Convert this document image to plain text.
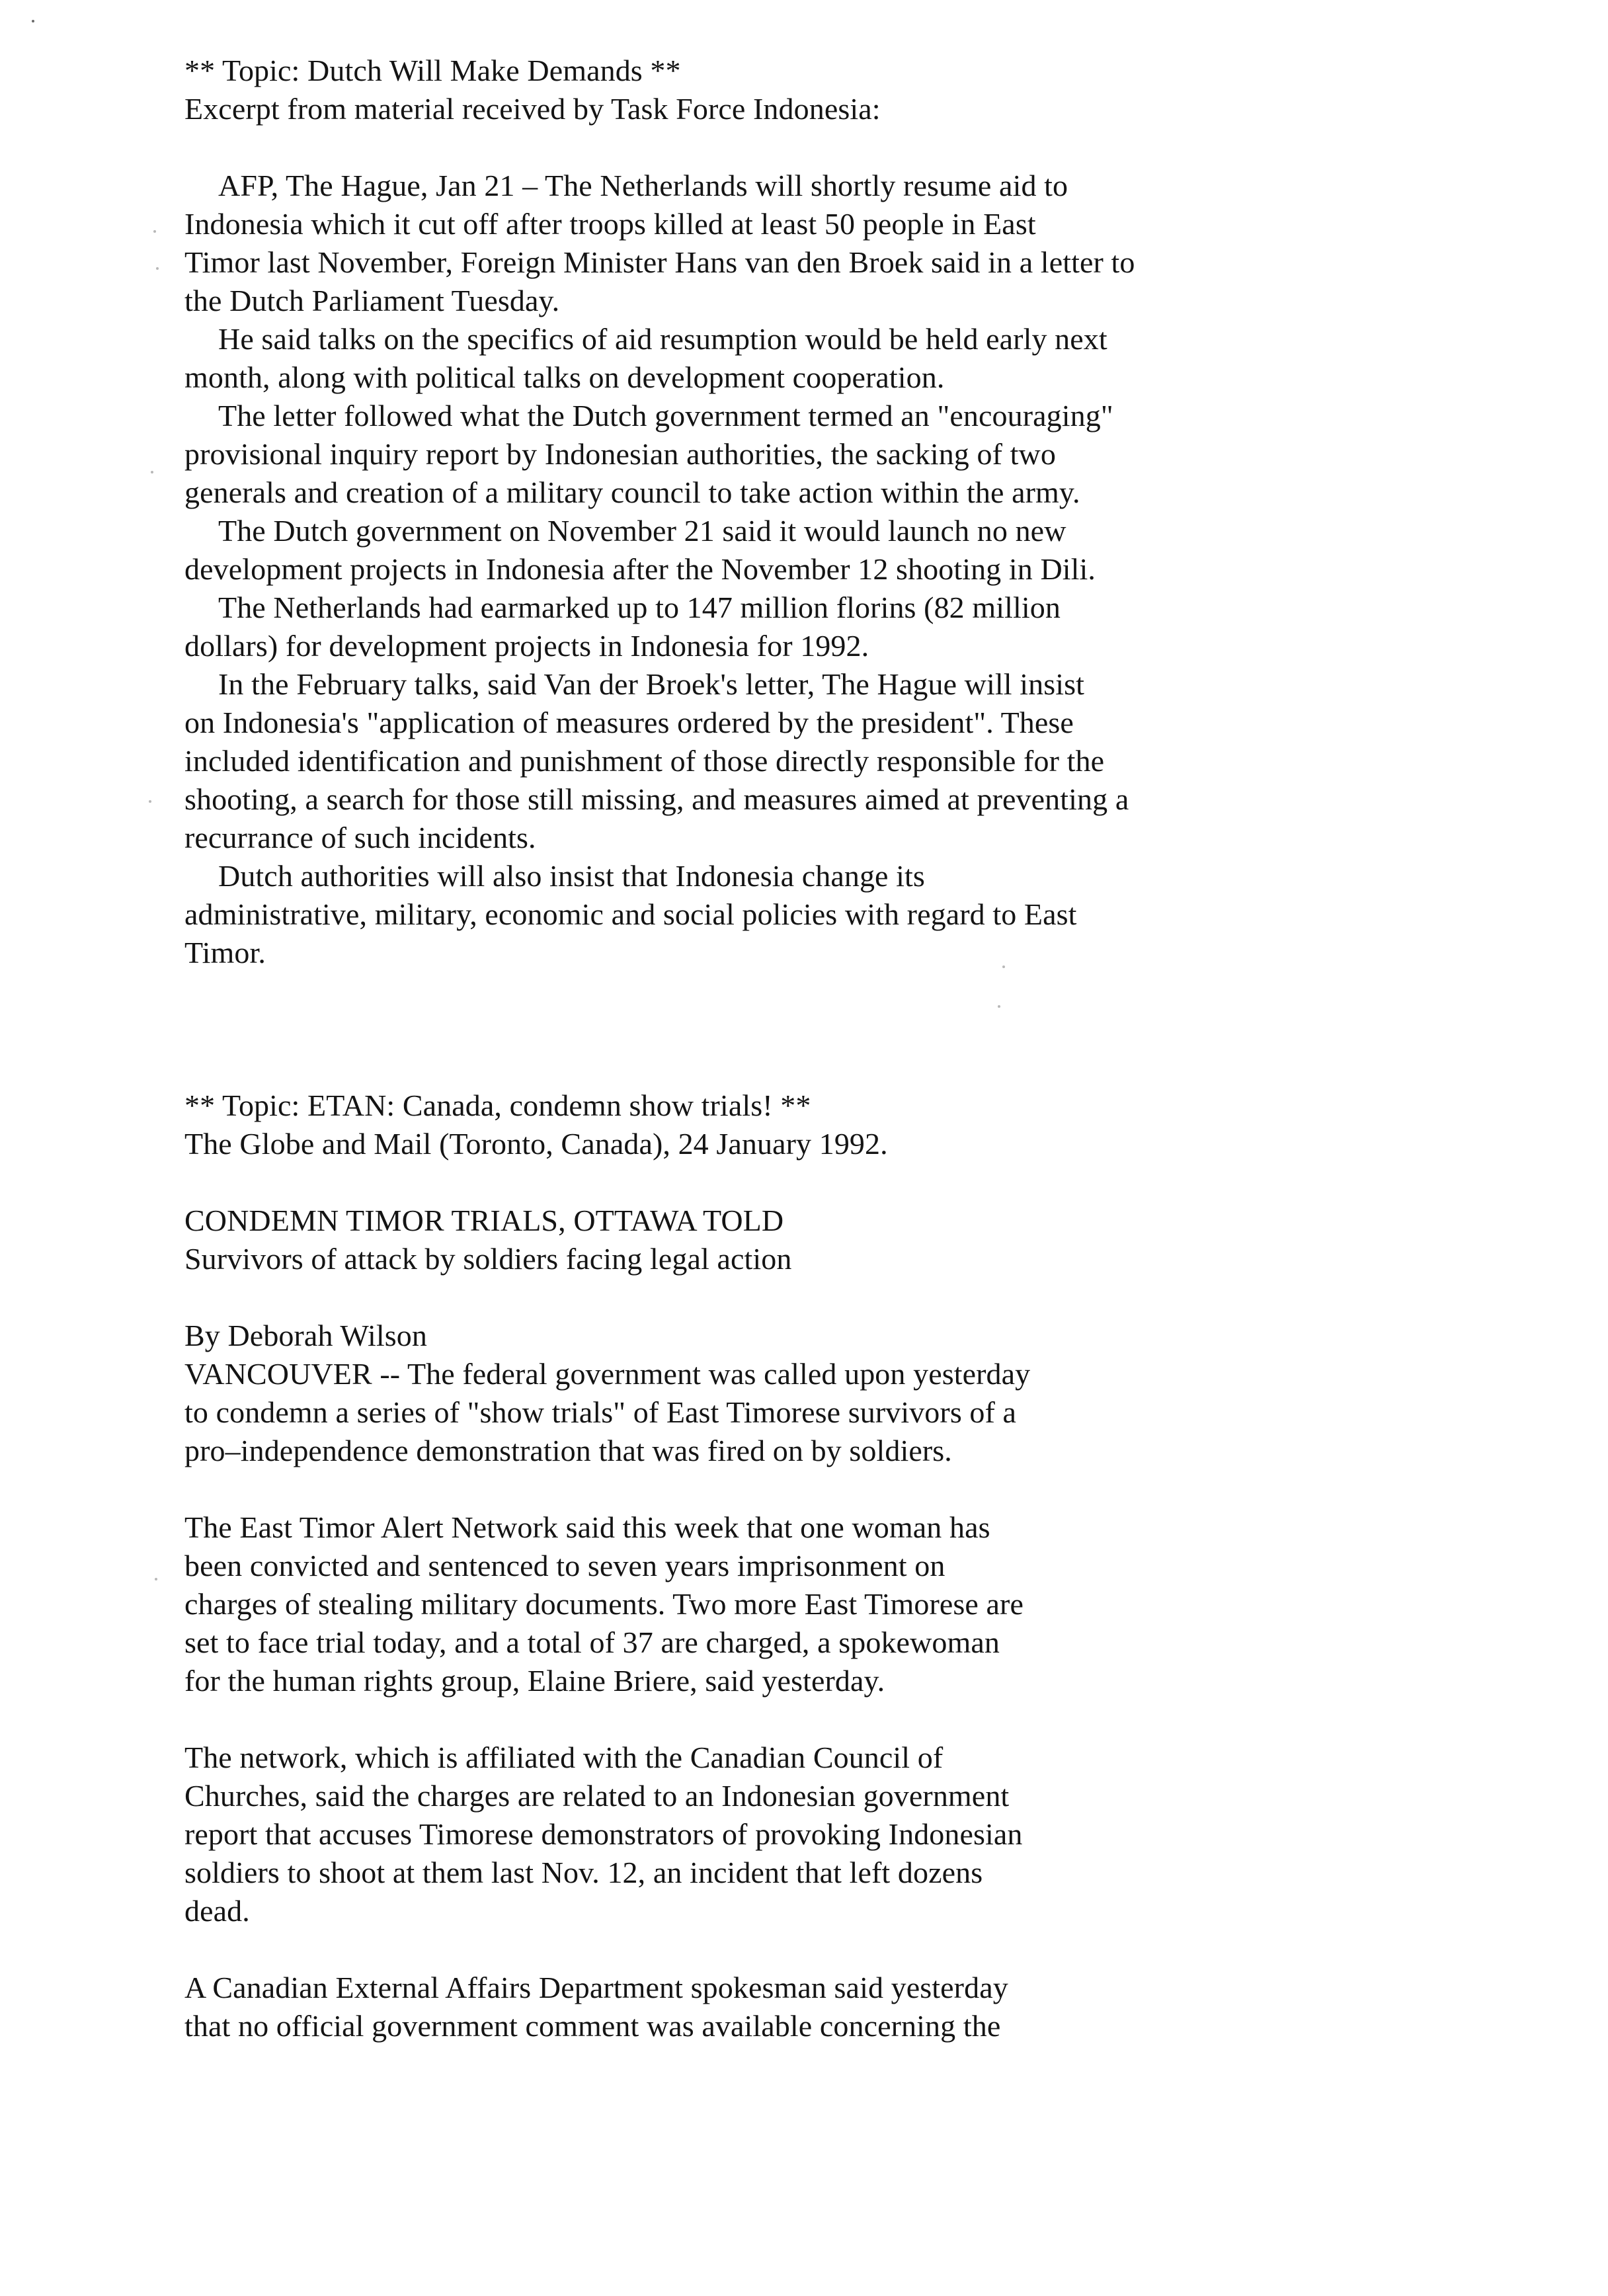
** Topic: Dutch Will Make Demands **
Excerpt from material received by Task Force Indonesia:
AFP, The Hague, Jan 21 – The Netherlands will shortly resume aid to
Indonesia which it cut off after troops killed at least 50 people in East
Timor last November, Foreign Minister Hans van den Broek said in a letter to
the Dutch Parliament Tuesday.
He said talks on the specifics of aid resumption would be held early next
month, along with political talks on development cooperation.
The letter followed what the Dutch government termed an "encouraging"
provisional inquiry report by Indonesian authorities, the sacking of two
generals and creation of a military council to take action within the army.
The Dutch government on November 21 said it would launch no new
development projects in Indonesia after the November 12 shooting in Dili.
The Netherlands had earmarked up to 147 million florins (82 million
dollars) for development projects in Indonesia for 1992.
In the February talks, said Van der Broek's letter, The Hague will insist
on Indonesia's "application of measures ordered by the president". These
included identification and punishment of those directly responsible for the
shooting, a search for those still missing, and measures aimed at preventing a
recurrance of such incidents.
Dutch authorities will also insist that Indonesia change its
administrative, military, economic and social policies with regard to East
Timor.
** Topic: ETAN: Canada, condemn show trials! **
The Globe and Mail (Toronto, Canada), 24 January 1992.
CONDEMN TIMOR TRIALS, OTTAWA TOLD
Survivors of attack by soldiers facing legal action
By Deborah Wilson
VANCOUVER -- The federal government was called upon yesterday
to condemn a series of "show trials" of East Timorese survivors of a
pro–independence demonstration that was fired on by soldiers.
The East Timor Alert Network said this week that one woman has
been convicted and sentenced to seven years imprisonment on
charges of stealing military documents. Two more East Timorese are
set to face trial today, and a total of 37 are charged, a spokewoman
for the human rights group, Elaine Briere, said yesterday.
The network, which is affiliated with the Canadian Council of
Churches, said the charges are related to an Indonesian government
report that accuses Timorese demonstrators of provoking Indonesian
soldiers to shoot at them last Nov. 12, an incident that left dozens
dead.
A Canadian External Affairs Department spokesman said yesterday
that no official government comment was available concerning the
